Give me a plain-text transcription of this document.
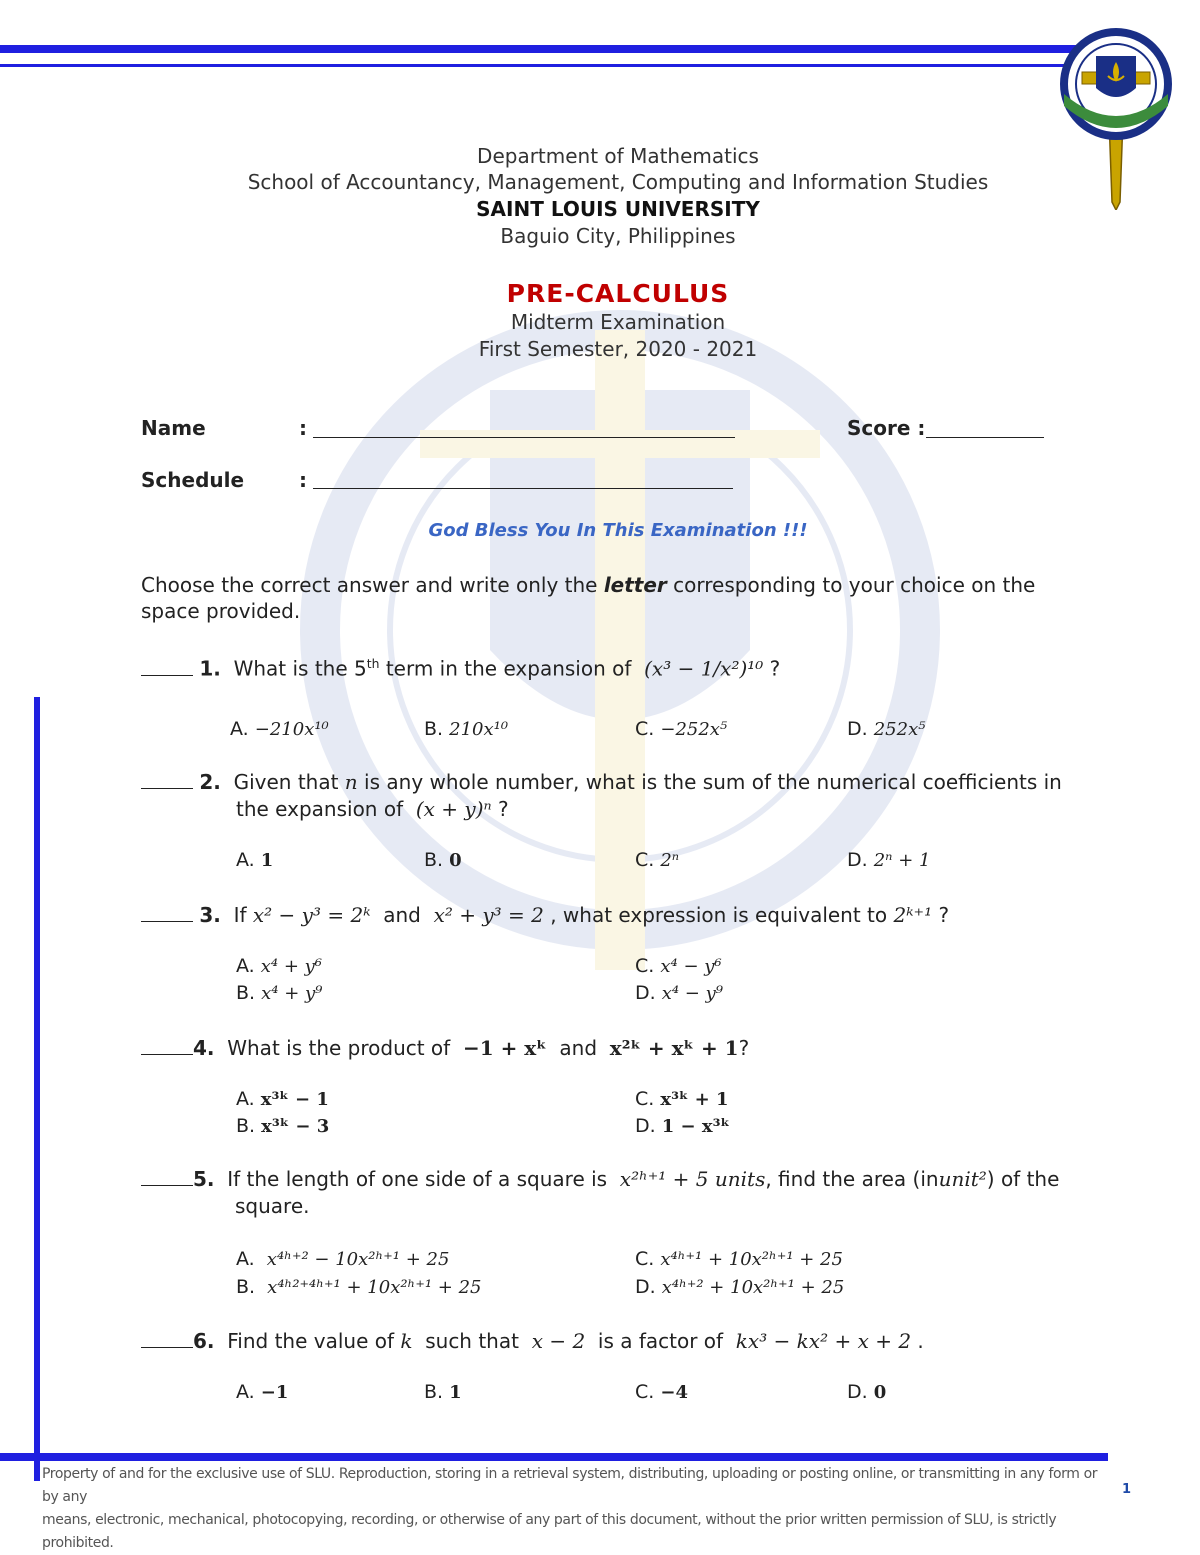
Department of Mathematics
School of Accountancy, Management, Computing and Information Studies
SAINT LOUIS UNIVERSITY
Baguio City, Philippines
PRE-CALCULUS
Midterm Examination
First Semester, 2020 - 2021
Name	:	Score :
Schedule	:
God Bless You In This Examination !!!
Choose the correct answer and write only the letter corresponding to your choice on the space provided.
1. What is the 5th term in the expansion of (x³ − 1/x²)¹⁰ ?
A. −210x¹⁰	B. 210x¹⁰	C. −252x⁵	D. 252x⁵
2. Given that n is any whole number, what is the sum of the numerical coefficients in
the expansion of (x + y)ⁿ ?
A. 1	B. 0	C. 2ⁿ	D. 2ⁿ + 1
3. If x² − y³ = 2ᵏ and x² + y³ = 2 , what expression is equivalent to 2ᵏ⁺¹ ?
A. x⁴ + y⁶
B. x⁴ + y⁹
C. x⁴ − y⁶
D. x⁴ − y⁹
4. What is the product of −1 + xᵏ and x²ᵏ + xᵏ + 1?
A. x³ᵏ − 1
B. x³ᵏ − 3
C. x³ᵏ + 1
D. 1 − x³ᵏ
5. If the length of one side of a square is x²ʰ⁺¹ + 5 units, find the area (inunit²) of the
square.
A. x⁴ʰ⁺² − 10x²ʰ⁺¹ + 25
B. x⁴ʰ²⁺⁴ʰ⁺¹ + 10x²ʰ⁺¹ + 25
C. x⁴ʰ⁺¹ + 10x²ʰ⁺¹ + 25
D. x⁴ʰ⁺² + 10x²ʰ⁺¹ + 25
6. Find the value of k such that x − 2 is a factor of kx³ − kx² + x + 2 .
A. −1	B. 1	C. −4	D. 0
Property of and for the exclusive use of SLU. Reproduction, storing in a retrieval system, distributing, uploading or posting online, or transmitting in any form or by any
means, electronic, mechanical, photocopying, recording, or otherwise of any part of this document, without the prior written permission of SLU, is strictly prohibited.
1
